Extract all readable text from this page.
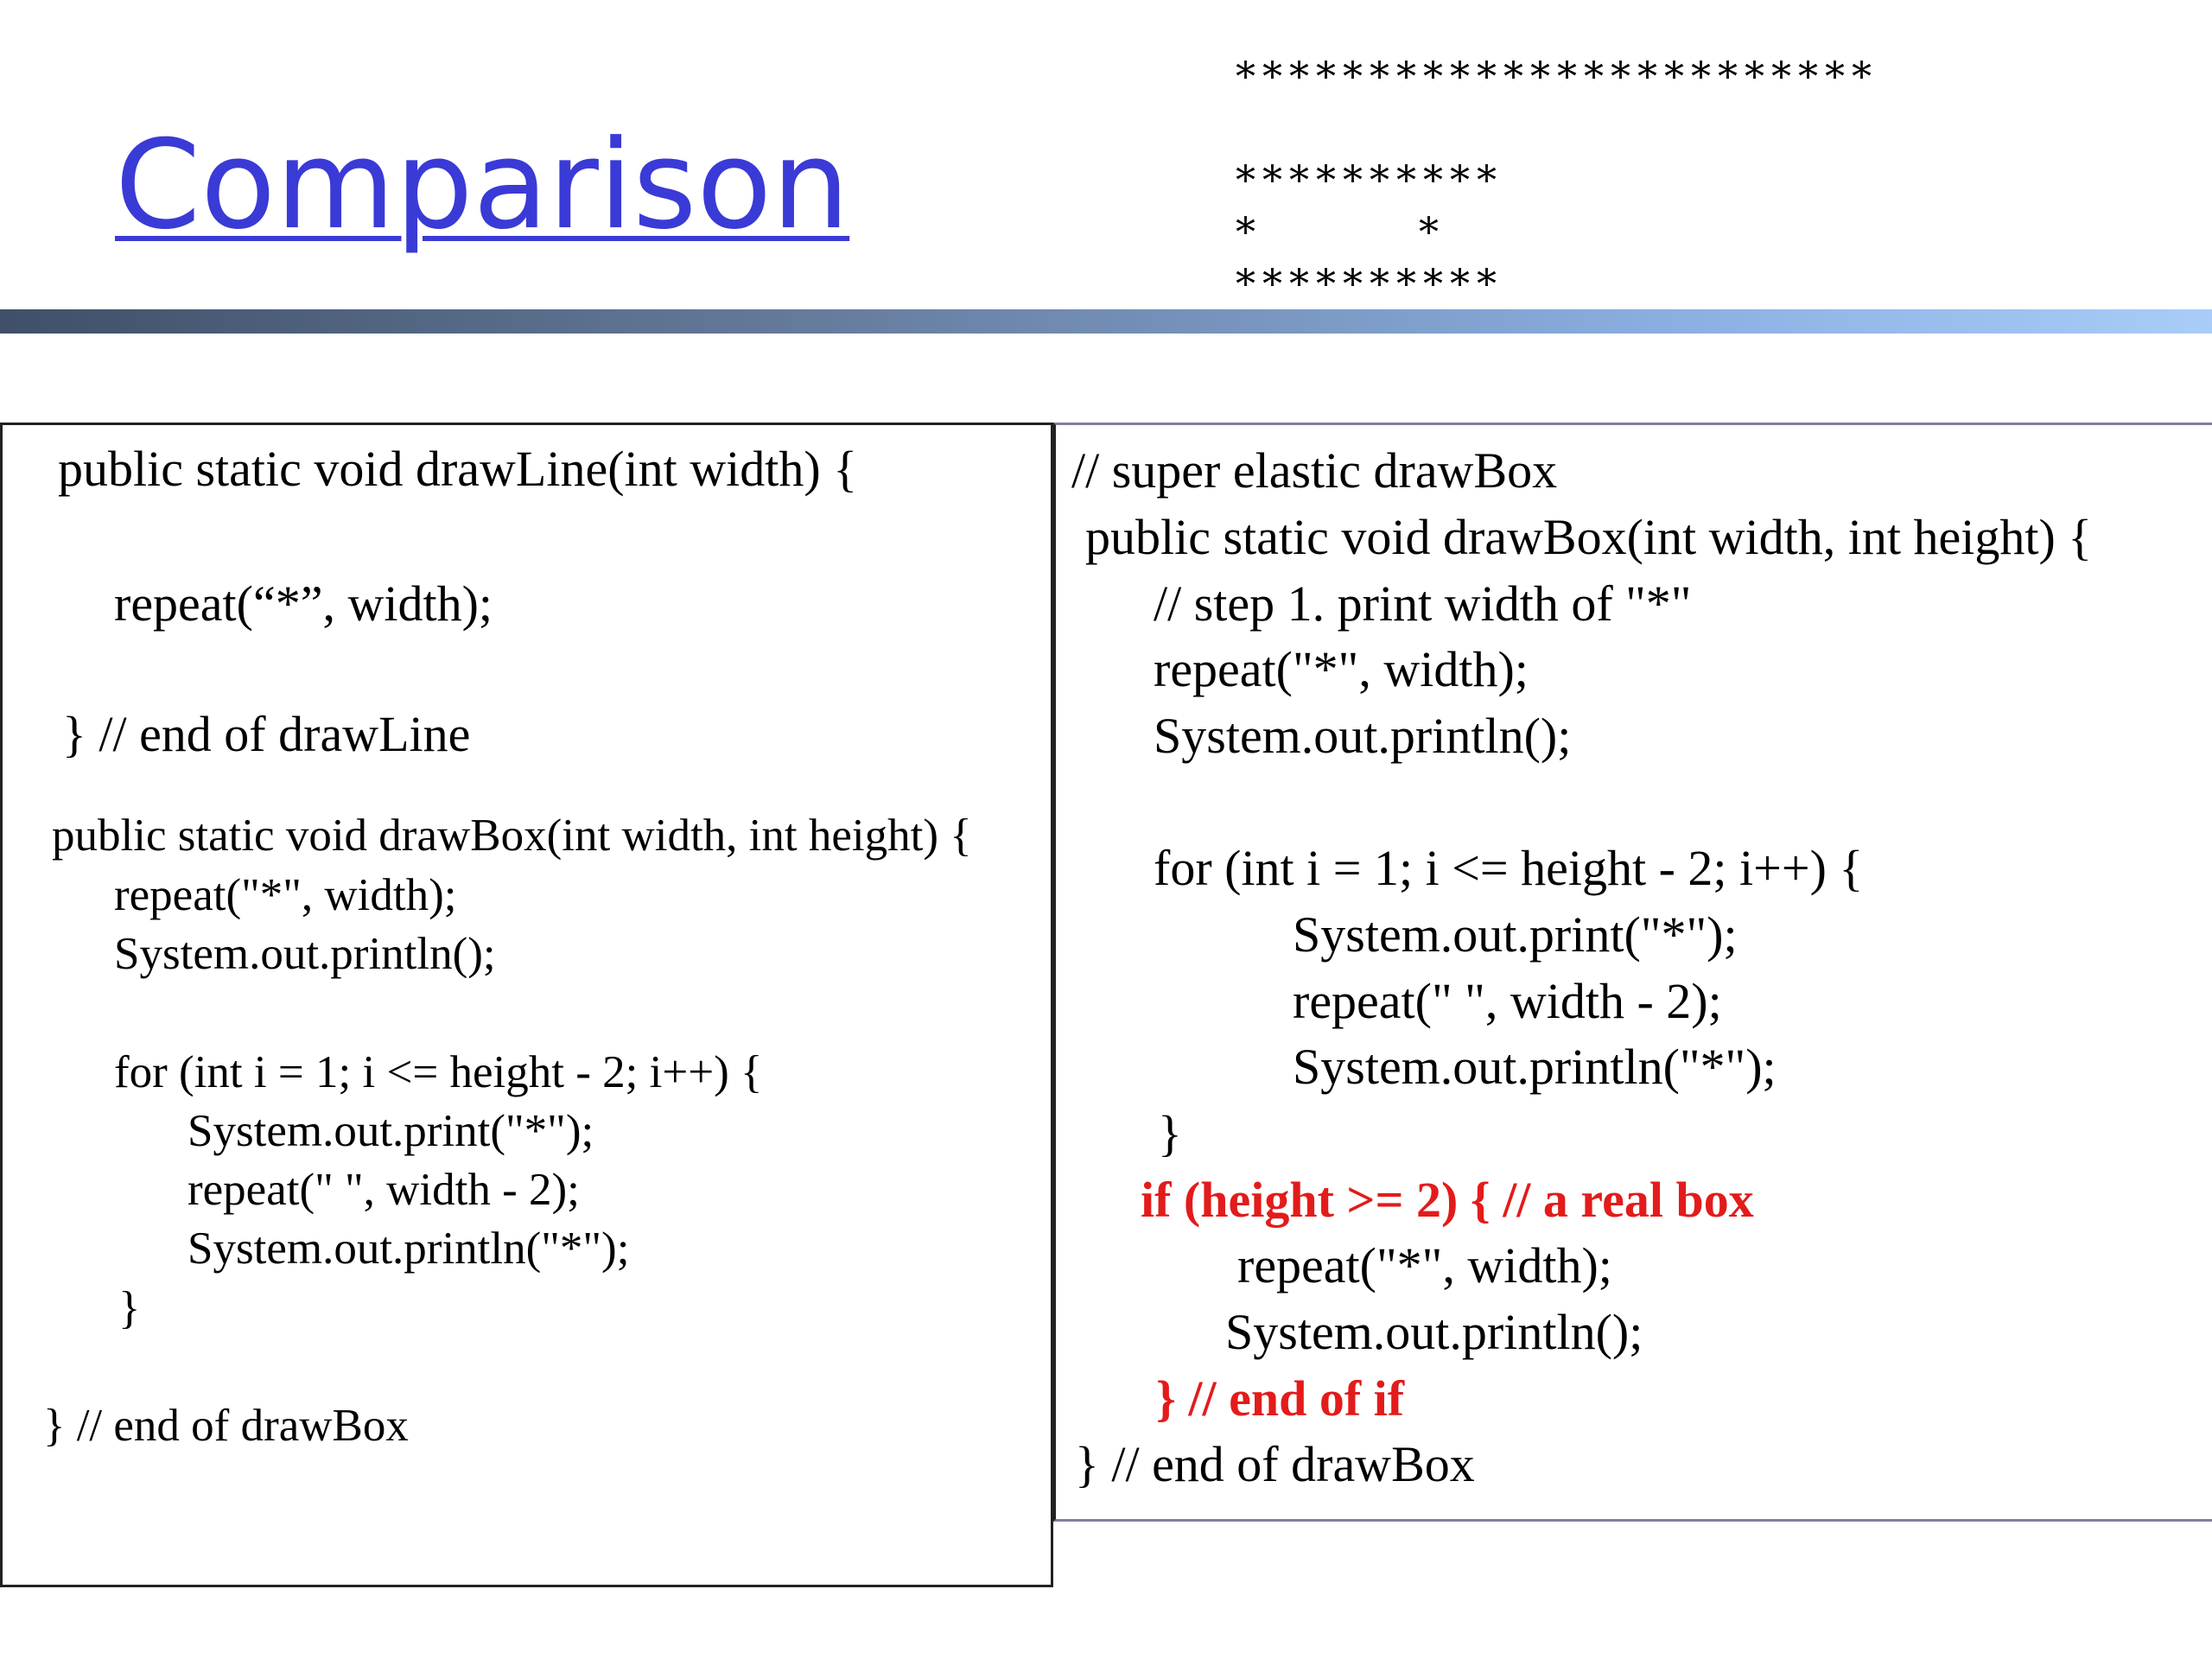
Comparison
************************
**********
*        *
**********
public static void drawLine(int width) {
repeat(“*”, width);
} // end of drawLine
public static void drawBox(int width, int height) {
repeat("*", width);
System.out.println();
for (int i = 1; i <= height - 2; i++) {
System.out.print("*");
repeat(" ", width - 2);
System.out.println("*");
}
} // end of drawBox
// super elastic drawBox
public static void drawBox(int width, int height) {
// step 1. print width of "*"
repeat("*", width);
System.out.println();
for (int i = 1; i <= height - 2; i++) {
System.out.print("*");
repeat(" ", width - 2);
System.out.println("*");
}
if (height >= 2) { // a real box
repeat("*", width);
System.out.println();
} // end of if
} // end of drawBox
